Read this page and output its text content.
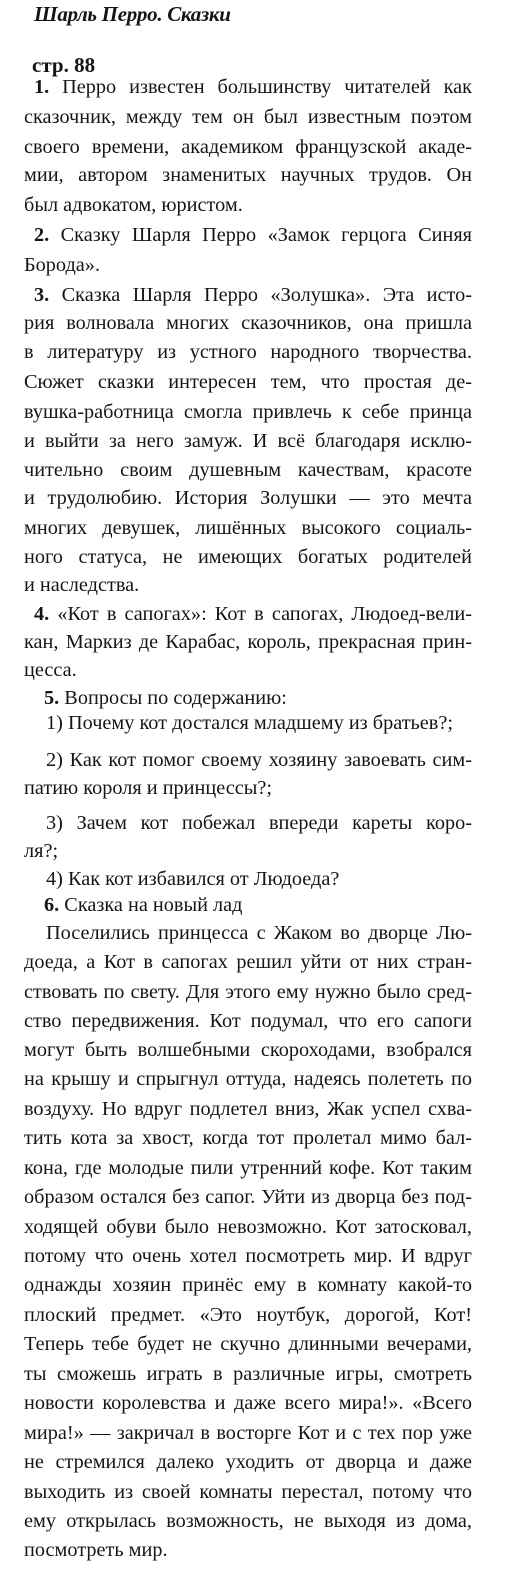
Шарль Перро. Сказки
стр. 88
1. Перро известен большинству читателей как
сказочник, между тем он был известным поэтом
своего времени, академиком французской акаде-
мии, автором знаменитых научных трудов. Он
был адвокатом, юристом.
2. Сказку Шарля Перро «Замок герцога Синяя
Борода».
3. Сказка Шарля Перро «Золушка». Эта исто-
рия волновала многих сказочников, она пришла
в литературу из устного народного творчества.
Сюжет сказки интересен тем, что простая де-
вушка-работница смогла привлечь к себе принца
и выйти за него замуж. И всё благодаря исклю-
чительно своим душевным качествам, красоте
и трудолюбию. История Золушки — это мечта
многих девушек, лишённых высокого социаль-
ного статуса, не имеющих богатых родителей
и наследства.
4. «Кот в сапогах»: Кот в сапогах, Людоед-вели-
кан, Маркиз де Карабас, король, прекрасная прин-
цесса.
5. Вопросы по содержанию:
1) Почему кот достался младшему из братьев?;
2) Как кот помог своему хозяину завоевать сим-
патию короля и принцессы?;
3) Зачем кот побежал впереди кареты коро-
ля?;
4) Как кот избавился от Людоеда?
6. Сказка на новый лад
Поселились принцесса с Жаком во дворце Лю-
доеда, а Кот в сапогах решил уйти от них стран-
ствовать по свету. Для этого ему нужно было сред-
ство передвижения. Кот подумал, что его сапоги
могут быть волшебными скороходами, взобрался
на крышу и спрыгнул оттуда, надеясь полететь по
воздуху. Но вдруг подлетел вниз, Жак успел схва-
тить кота за хвост, когда тот пролетал мимо бал-
кона, где молодые пили утренний кофе. Кот таким
образом остался без сапог. Уйти из дворца без под-
ходящей обуви было невозможно. Кот затосковал,
потому что очень хотел посмотреть мир. И вдруг
однажды хозяин принёс ему в комнату какой-то
плоский предмет. «Это ноутбук, дорогой, Кот!
Теперь тебе будет не скучно длинными вечерами,
ты сможешь играть в различные игры, смотреть
новости королевства и даже всего мира!». «Всего
мира!» — закричал в восторге Кот и с тех пор уже
не стремился далеко уходить от дворца и даже
выходить из своей комнаты перестал, потому что
ему открылась возможность, не выходя из дома,
посмотреть мир.
